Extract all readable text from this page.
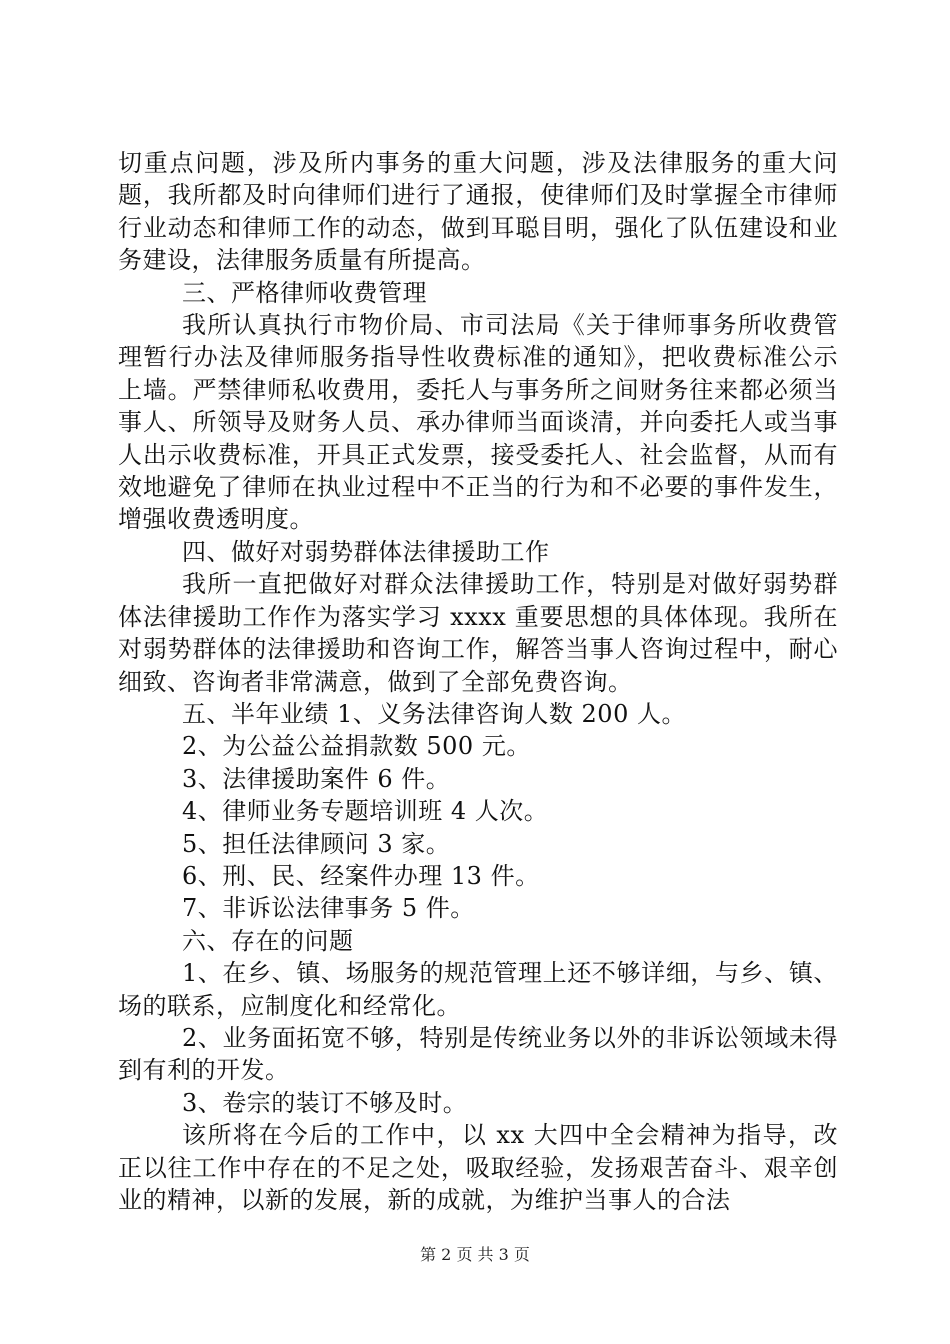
切重点问题，涉及所内事务的重大问题，涉及法律服务的重大问题，我所都及时向律师们进行了通报，使律师们及时掌握全市律师行业动态和律师工作的动态，做到耳聪目明，强化了队伍建设和业务建设，法律服务质量有所提高。

三、严格律师收费管理

我所认真执行市物价局、市司法局《关于律师事务所收费管理暂行办法及律师服务指导性收费标准的通知》，把收费标准公示上墙。严禁律师私收费用，委托人与事务所之间财务往来都必须当事人、所领导及财务人员、承办律师当面谈清，并向委托人或当事人出示收费标准，开具正式发票，接受委托人、社会监督，从而有效地避免了律师在执业过程中不正当的行为和不必要的事件发生，增强收费透明度。

四、做好对弱势群体法律援助工作

我所一直把做好对群众法律援助工作，特别是对做好弱势群体法律援助工作作为落实学习 xxxx 重要思想的具体体现。我所在对弱势群体的法律援助和咨询工作，解答当事人咨询过程中，耐心细致、咨询者非常满意，做到了全部免费咨询。

五、半年业绩 1、义务法律咨询人数 200 人。

2、为公益公益捐款数 500 元。

3、法律援助案件 6 件。

4、律师业务专题培训班 4 人次。

5、担任法律顾问 3 家。

6、刑、民、经案件办理 13 件。

7、非诉讼法律事务 5 件。

六、存在的问题

1、在乡、镇、场服务的规范管理上还不够详细，与乡、镇、场的联系，应制度化和经常化。

2、业务面拓宽不够，特别是传统业务以外的非诉讼领域未得到有利的开发。

3、卷宗的装订不够及时。

该所将在今后的工作中，以 xx 大四中全会精神为指导，改正以往工作中存在的不足之处，吸取经验，发扬艰苦奋斗、艰辛创业的精神，以新的发展，新的成就，为维护当事人的合法

第 2 页 共 3 页
